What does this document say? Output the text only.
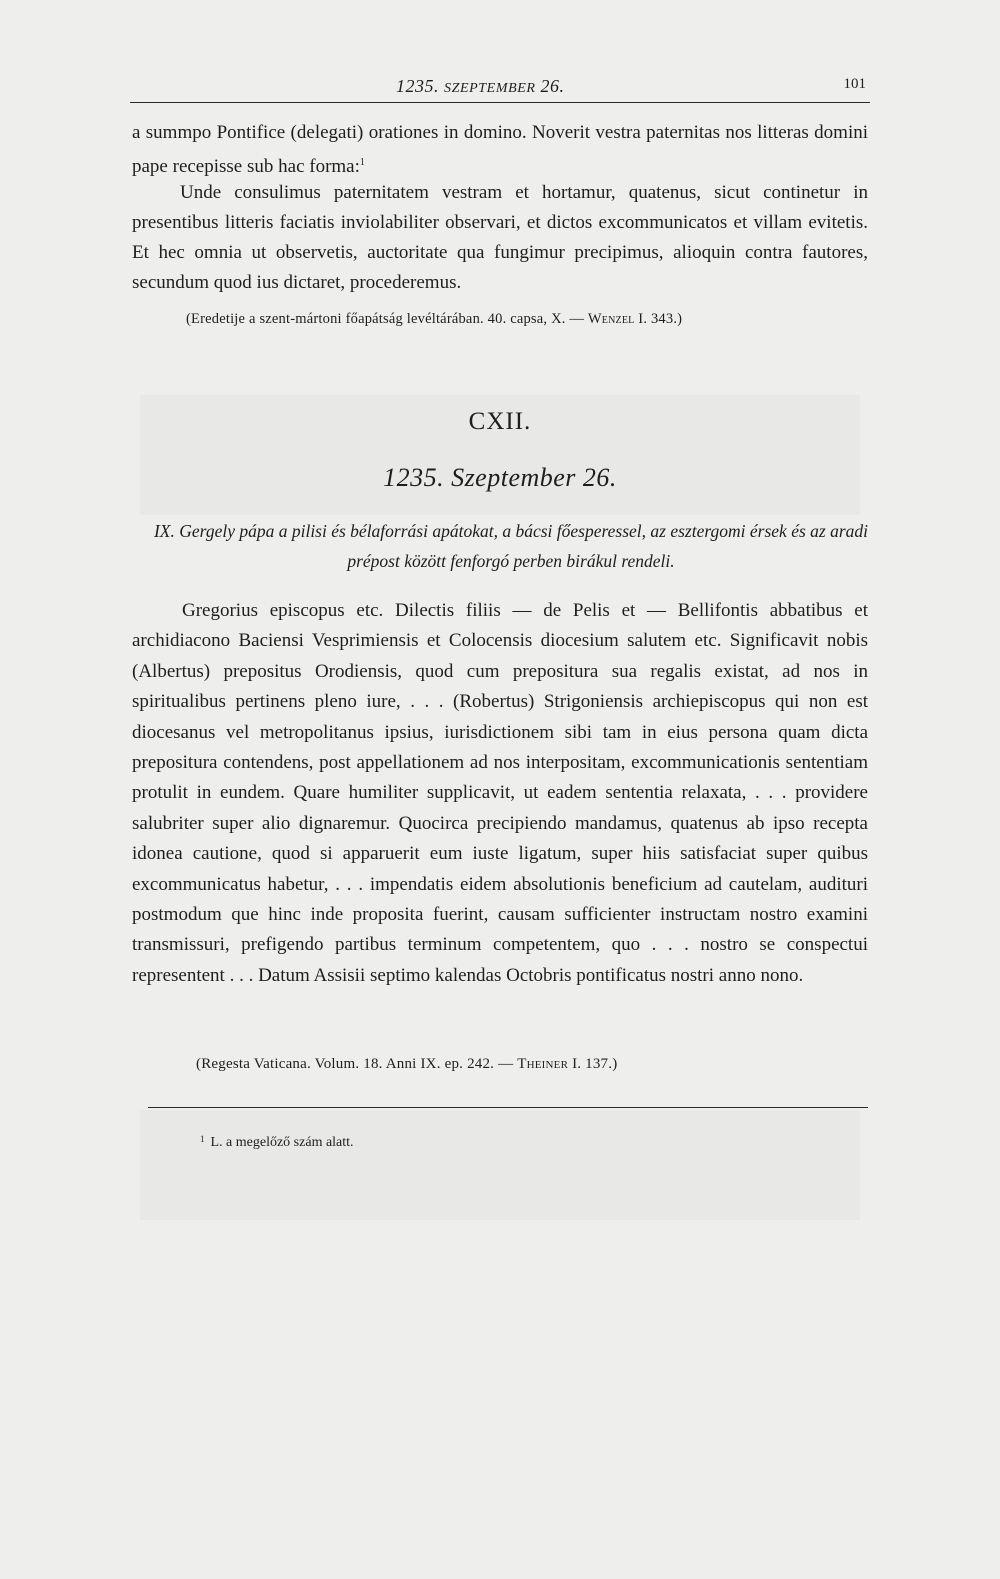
1235. SZEPTEMBER 26.	101
a summpo Pontifice (delegati) orationes in domino. Noverit vestra paternitas nos litteras domini pape recepisse sub hac forma:$^1$
Unde consulimus paternitatem vestram et hortamur, quatenus, sicut continetur in presentibus litteris faciatis inviolabiliter observari, et dictos excommunicatos et villam evitetis. Et hec omnia ut observetis, auctoritate qua fungimur precipimus, alioquin contra fautores, secundum quod ius dictaret, procederemus.
(Eredetije a szent-mártoni főapátság levéltárában. 40. capsa, X. — Wenzel I. 343.)
CXII.
1235. Szeptember 26.
IX. Gergely pápa a pilisi és bélaforrási apátokat, a bácsi főesperessel, az esztergomi érsek és az aradi prépost között fenforgó perben birákul rendeli.
Gregorius episcopus etc. Dilectis filiis — de Pelis et — Bellifontis abbatibus et archidiacono Baciensi Vesprimiensis et Colocensis diocesium salutem etc. Significavit nobis (Albertus) prepositus Orodiensis, quod cum prepositura sua regalis existat, ad nos in spiritualibus pertinens pleno iure, . . . (Robertus) Strigoniensis archiepiscopus qui non est diocesanus vel metropolitanus ipsius, iurisdictionem sibi tam in eius persona quam dicta prepositura contendens, post appellationem ad nos interpositam, excommunicationis sententiam protulit in eundem. Quare humiliter supplicavit, ut eadem sententia relaxata, . . . providere salubriter super alio dignaremur. Quocirca precipiendo mandamus, quatenus ab ipso recepta idonea cautione, quod si apparuerit eum iuste ligatum, super hiis satisfaciat super quibus excommunicatus habetur, . . . impendatis eidem absolutionis beneficium ad cautelam, audituri postmodum que hinc inde proposita fuerint, causam sufficienter instructam nostro examini transmissuri, prefigendo partibus terminum competentem, quo . . . nostro se conspectui representent . . . Datum Assisii septimo kalendas Octobris pontificatus nostri anno nono.
(Regesta Vaticana. Volum. 18. Anni IX. ep. 242. — Theiner I. 137.)
$^1$ L. a megelőző szám alatt.
